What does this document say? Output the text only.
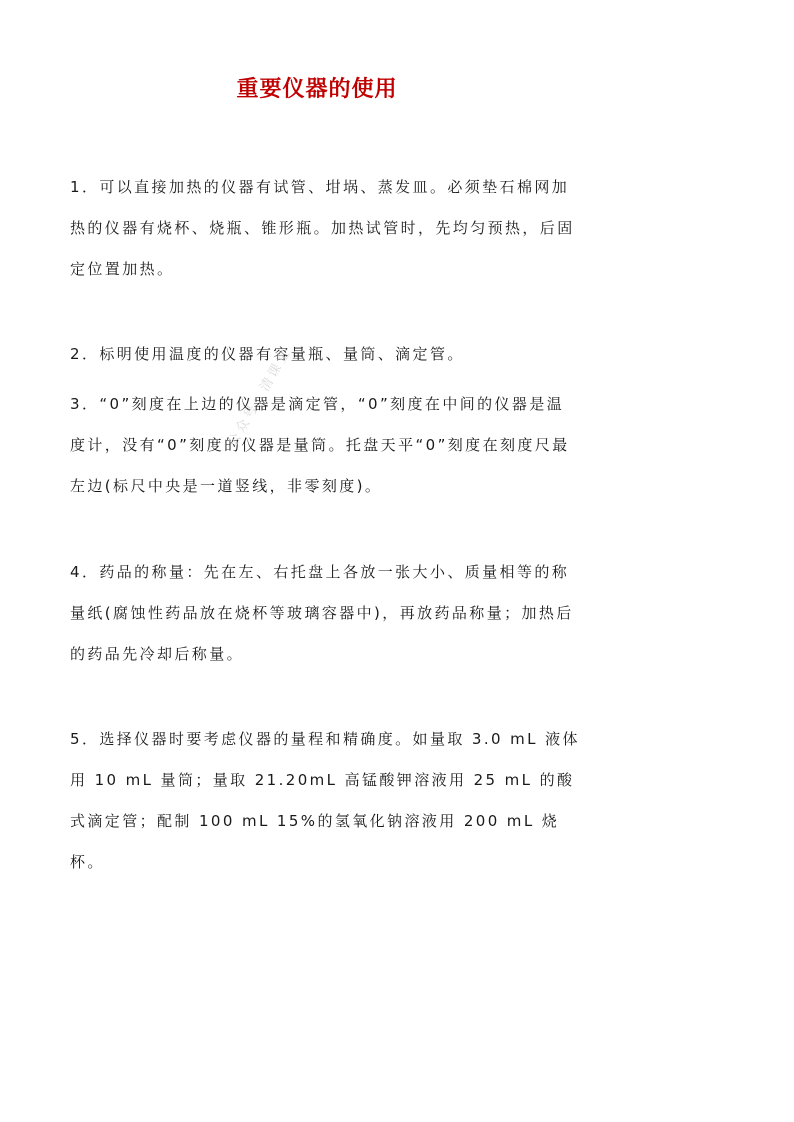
重要仪器的使用

1．可以直接加热的仪器有试管、坩埚、蒸发皿。必须垫石棉网加热的仪器有烧杯、烧瓶、锥形瓶。加热试管时，先均匀预热，后固定位置加热。

2．标明使用温度的仪器有容量瓶、量筒、滴定管。

3．“0”刻度在上边的仪器是滴定管，“0”刻度在中间的仪器是温度计，没有“0”刻度的仪器是量筒。托盘天平“0”刻度在刻度尺最左边(标尺中央是一道竖线，非零刻度)。

4．药品的称量：先在左、右托盘上各放一张大小、质量相等的称量纸(腐蚀性药品放在烧杯等玻璃容器中)，再放药品称量；加热后的药品先冷却后称量。

5．选择仪器时要考虑仪器的量程和精确度。如量取 3.0 mL 液体用 10 mL 量筒；量取 21.20mL 高锰酸钾溶液用 25 mL 的酸式滴定管；配制 100 mL 15%的氢氧化钠溶液用 200 mL 烧杯。

公众号：清课堂
